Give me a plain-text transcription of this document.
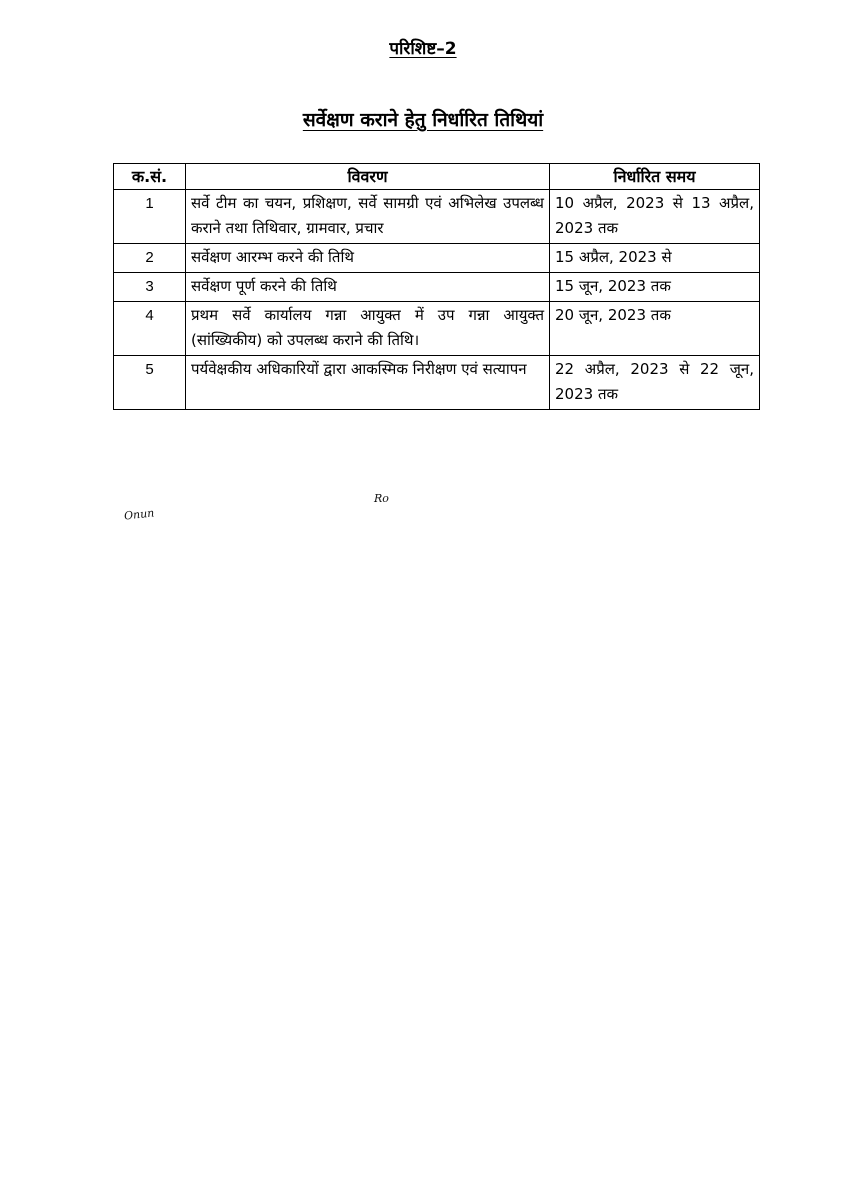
परिशिष्ट–2
सर्वेक्षण कराने हेतु निर्धारित तिथियां
क.सं.	विवरण	निर्धारित समय
1	सर्वे टीम का चयन, प्रशिक्षण, सर्वे सामग्री एवं अभिलेख उपलब्ध कराने तथा तिथिवार, ग्रामवार, प्रचार	10 अप्रैल, 2023 से 13 अप्रैल, 2023 तक
2	सर्वेक्षण आरम्भ करने की तिथि	15 अप्रैल, 2023 से
3	सर्वेक्षण पूर्ण करने की तिथि	15 जून, 2023 तक
4	प्रथम सर्वे कार्यालय गन्ना आयुक्त में उप गन्ना आयुक्त (सांख्यिकीय) को उपलब्ध कराने की तिथि।	20 जून, 2023 तक
5	पर्यवेक्षकीय अधिकारियों द्वारा आकस्मिक निरीक्षण एवं सत्यापन	22 अप्रैल, 2023 से 22 जून, 2023 तक
Onun
Ro
